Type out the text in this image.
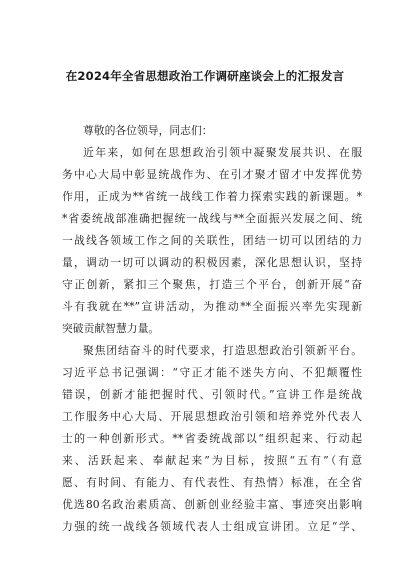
在2024年全省思想政治工作调研座谈会上的汇报发言

尊敬的各位领导，同志们：

近年来，如何在思想政治引领中凝聚发展共识、在服
务中心大局中彰显统战作为、在引才聚才留才中发挥优势
作用，正成为**省统一战线工作着力探索实践的新课题。*
*省委统战部准确把握统一战线与**全面振兴发展之间、统
一战线各领域工作之间的关联性，团结一切可以团结的力
量，调动一切可以调动的积极因素，深化思想认识，坚持
守正创新，紧扣三个聚焦，打造三个平台，创新开展“奋
斗有我就在**”宣讲活动，为推动**全面振兴率先实现新
突破贡献智慧力量。

聚焦团结奋斗的时代要求，打造思想政治引领新平台。
习近平总书记强调：“守正才能不迷失方向、不犯颠覆性
错误，创新才能把握时代、引领时代。”宣讲工作是统战
工作服务中心大局、开展思想政治引领和培养党外代表人
士的一种创新形式。**省委统战部以“组织起来、行动起
来、活跃起来、奉献起来”为目标，按照“五有”（有意
愿、有时间、有能力、有代表性、有热情）标准，在全省
优选80名政治素质高、创新创业经验丰富、事迹突出影响
力强的统一战线各领域代表人士组成宣讲团。立足“学、
